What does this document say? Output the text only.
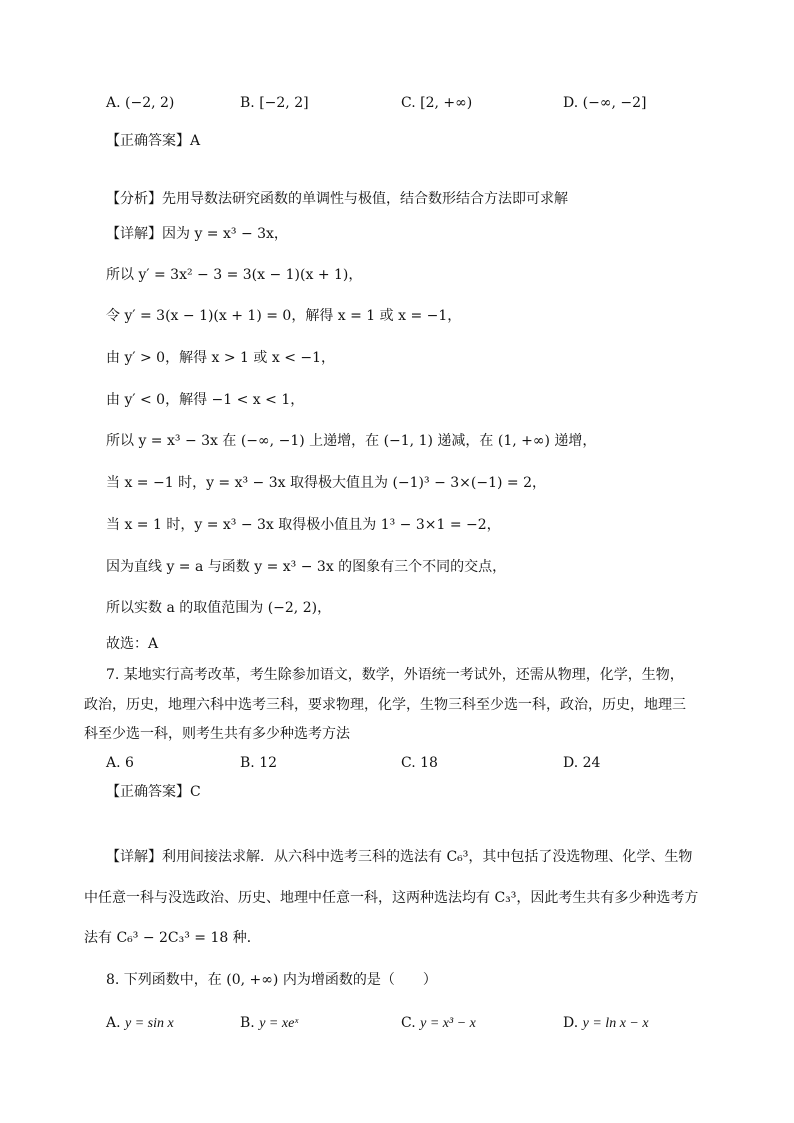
A. (−2, 2)	B. [−2, 2]	C. [2, +∞)	D. (−∞, −2]
【正确答案】A
【分析】先用导数法研究函数的单调性与极值，结合数形结合方法即可求解
【详解】因为 y = x³ − 3x，
所以 y′ = 3x² − 3 = 3(x − 1)(x + 1)，
令 y′ = 3(x − 1)(x + 1) = 0，解得 x = 1 或 x = −1，
由 y′ > 0，解得 x > 1 或 x < −1，
由 y′ < 0，解得 −1 < x < 1，
所以 y = x³ − 3x 在 (−∞, −1) 上递增，在 (−1, 1) 递减，在 (1, +∞) 递增，
当 x = −1 时，y = x³ − 3x 取得极大值且为 (−1)³ − 3×(−1) = 2，
当 x = 1 时，y = x³ − 3x 取得极小值且为 1³ − 3×1 = −2，
因为直线 y = a 与函数 y = x³ − 3x 的图象有三个不同的交点，
所以实数 a 的取值范围为 (−2, 2)，
故选：A
7. 某地实行高考改革，考生除参加语文，数学，外语统一考试外，还需从物理，化学，生物，
政治，历史，地理六科中选考三科，要求物理，化学，生物三科至少选一科，政治，历史，地理三
科至少选一科，则考生共有多少种选考方法
A. 6	B. 12	C. 18	D. 24
【正确答案】C
【详解】利用间接法求解．从六科中选考三科的选法有 C₆³，其中包括了没选物理、化学、生物
中任意一科与没选政治、历史、地理中任意一科，这两种选法均有 C₃³，因此考生共有多少种选考方
法有 C₆³ − 2C₃³ = 18 种．
8. 下列函数中，在 (0, +∞) 内为增函数的是（　　）
A. y = sin x	B. y = xeˣ	C. y = x³ − x	D. y = ln x − x
